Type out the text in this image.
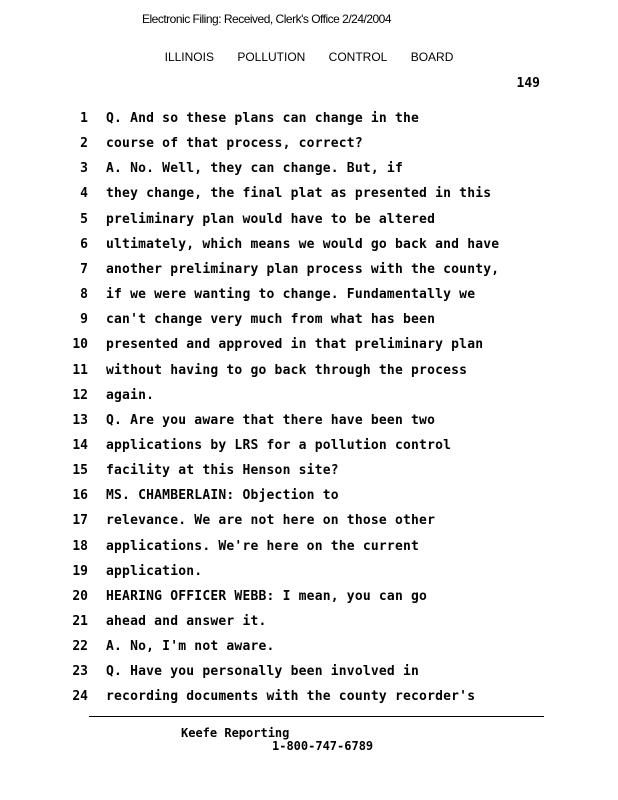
Electronic Filing: Received, Clerk's Office 2/24/2004
ILLINOIS POLLUTION CONTROL BOARD
149
1 Q. And so these plans can change in the
2 course of that process, correct?
3 A. No. Well, they can change. But, if
4 they change, the final plat as presented in this
5 preliminary plan would have to be altered
6 ultimately, which means we would go back and have
7 another preliminary plan process with the county,
8 if we were wanting to change. Fundamentally we
9 can't change very much from what has been
10 presented and approved in that preliminary plan
11 without having to go back through the process
12 again.
13 Q. Are you aware that there have been two
14 applications by LRS for a pollution control
15 facility at this Henson site?
16 MS. CHAMBERLAIN: Objection to
17 relevance. We are not here on those other
18 applications. We're here on the current
19 application.
20 HEARING OFFICER WEBB: I mean, you can go
21 ahead and answer it.
22 A. No, I'm not aware.
23 Q. Have you personally been involved in
24 recording documents with the county recorder's
Keefe Reporting
1-800-747-6789
